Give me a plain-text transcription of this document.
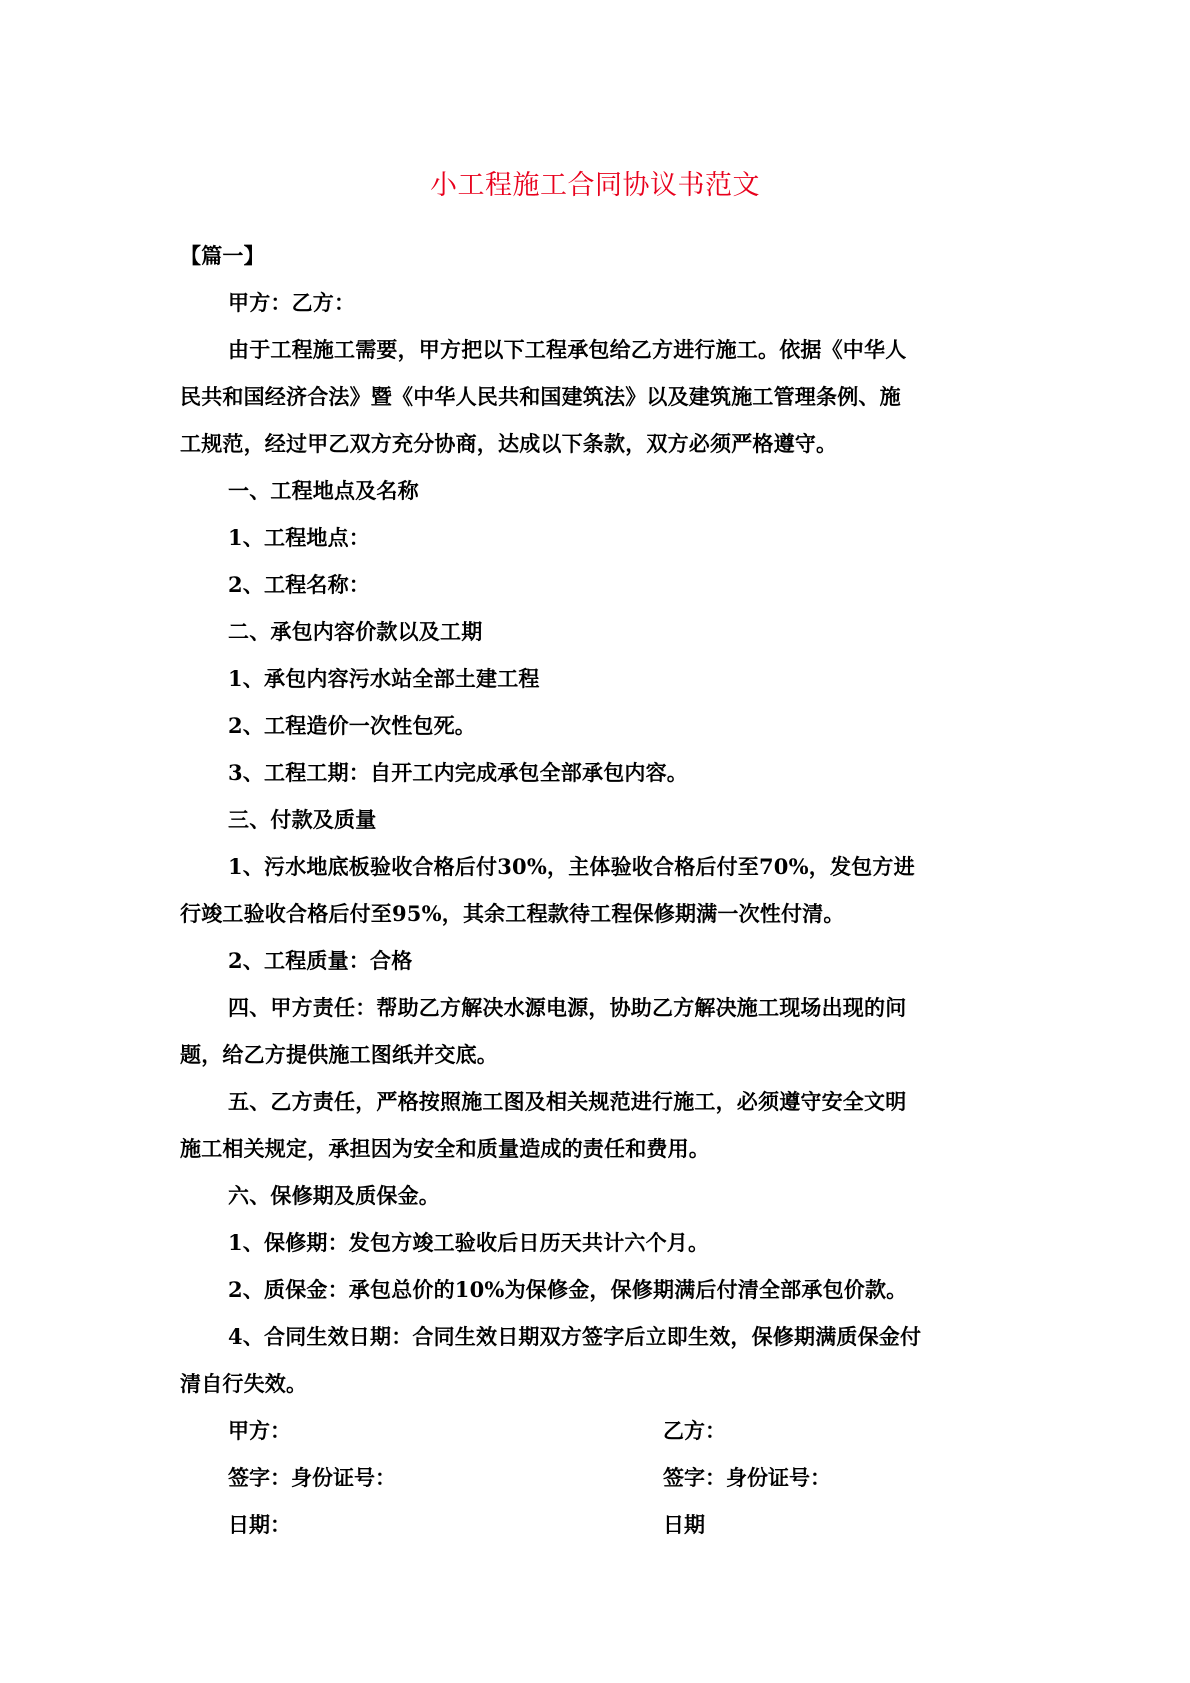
小工程施工合同协议书范文
【篇一】
甲方：乙方：
由于工程施工需要，甲方把以下工程承包给乙方进行施工。依据《中华人
民共和国经济合法》暨《中华人民共和国建筑法》以及建筑施工管理条例、施
工规范，经过甲乙双方充分协商，达成以下条款，双方必须严格遵守。
一、工程地点及名称
1、工程地点：
2、工程名称：
二、承包内容价款以及工期
1、承包内容污水站全部土建工程
2、工程造价一次性包死。
3、工程工期：自开工内完成承包全部承包内容。
三、付款及质量
1、污水地底板验收合格后付30%，主体验收合格后付至70%，发包方进
行竣工验收合格后付至95%，其余工程款待工程保修期满一次性付清。
2、工程质量：合格
四、甲方责任：帮助乙方解决水源电源，协助乙方解决施工现场出现的问
题，给乙方提供施工图纸并交底。
五、乙方责任，严格按照施工图及相关规范进行施工，必须遵守安全文明
施工相关规定，承担因为安全和质量造成的责任和费用。
六、保修期及质保金。
1、保修期：发包方竣工验收后日历天共计六个月。
2、质保金：承包总价的10%为保修金，保修期满后付清全部承包价款。
4、合同生效日期：合同生效日期双方签字后立即生效，保修期满质保金付
清自行失效。
甲方：	乙方：
签字：身份证号：	签字：身份证号：
日期：	日期
